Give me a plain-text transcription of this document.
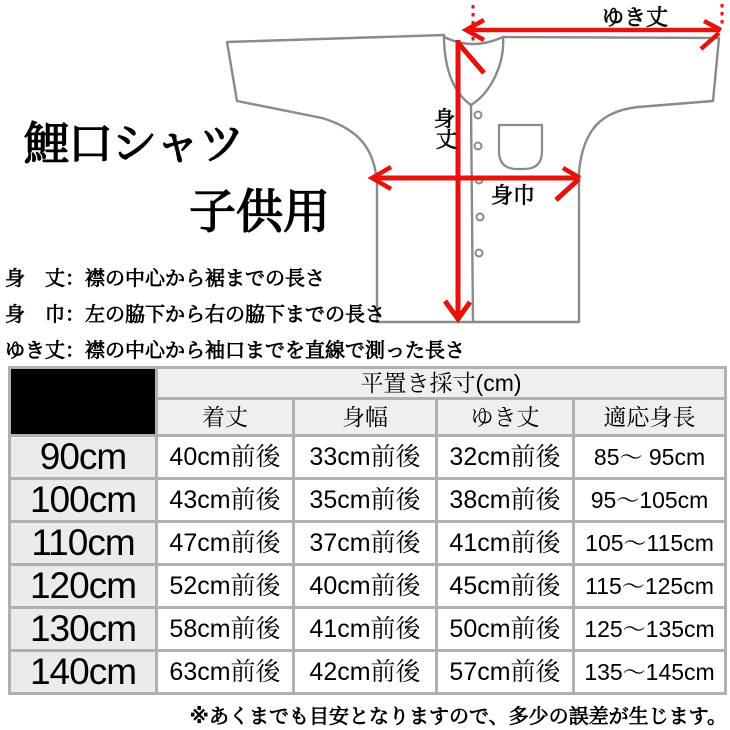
ゆき丈
身
丈
身巾
鯉口シャツ
子供用
身　丈：襟の中心から裾までの長さ
身　巾：左の脇下から右の脇下までの長さ
ゆき丈：襟の中心から袖口までを直線で測った長さ
	平置き採寸(cm)			
	着丈	身幅	ゆき丈	適応身長
90cm	40cm前後	33cm前後	32cm前後	85～ 95cm
100cm	43cm前後	35cm前後	38cm前後	95～105cm
110cm	47cm前後	37cm前後	41cm前後	105～115cm
120cm	52cm前後	40cm前後	45cm前後	115～125cm
130cm	58cm前後	41cm前後	50cm前後	125～135cm
140cm	63cm前後	42cm前後	57cm前後	135～145cm
※あくまでも目安となりますので、多少の誤差が生じます。
